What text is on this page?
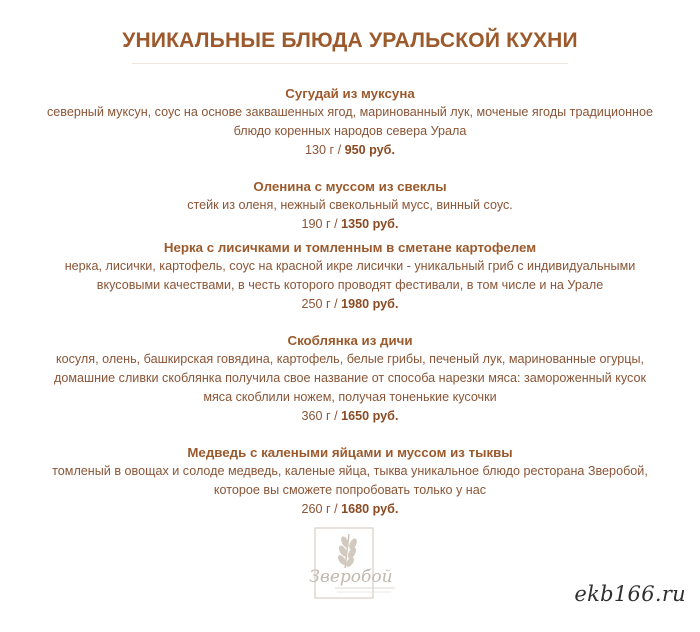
УНИКАЛЬНЫЕ БЛЮДА УРАЛЬСКОЙ КУХНИ
Сугудай из муксуна
северный муксун, соус на основе заквашенных ягод, маринованный лук, моченые ягоды традиционное
блюдо коренных народов севера Урала
130 г / 950 руб.
Оленина с муссом из свеклы
стейк из оленя, нежный свекольный мусс, винный соус.
190 г / 1350 руб.
Нерка с лисичками и томленным в сметане картофелем
нерка, лисички, картофель, соус на красной икре лисички - уникальный гриб с индивидуальными
вкусовыми качествами, в честь которого проводят фестивали, в том числе и на Урале
250 г / 1980 руб.
Скоблянка из дичи
косуля, олень, башкирская говядина, картофель, белые грибы, печеный лук, маринованные огурцы,
домашние сливки скоблянка получила свое название от способа нарезки мяса: замороженный кусок
мяса скоблили ножем, получая тоненькие кусочки
360 г / 1650 руб.
Медведь с калеными яйцами и муссом из тыквы
томленый в овощах и солоде медведь, каленые яйца, тыква уникальное блюдо ресторана Зверобой,
которое вы сможете попробовать только у нас
260 г / 1680 руб.
Зверобой
ekb166.ru
